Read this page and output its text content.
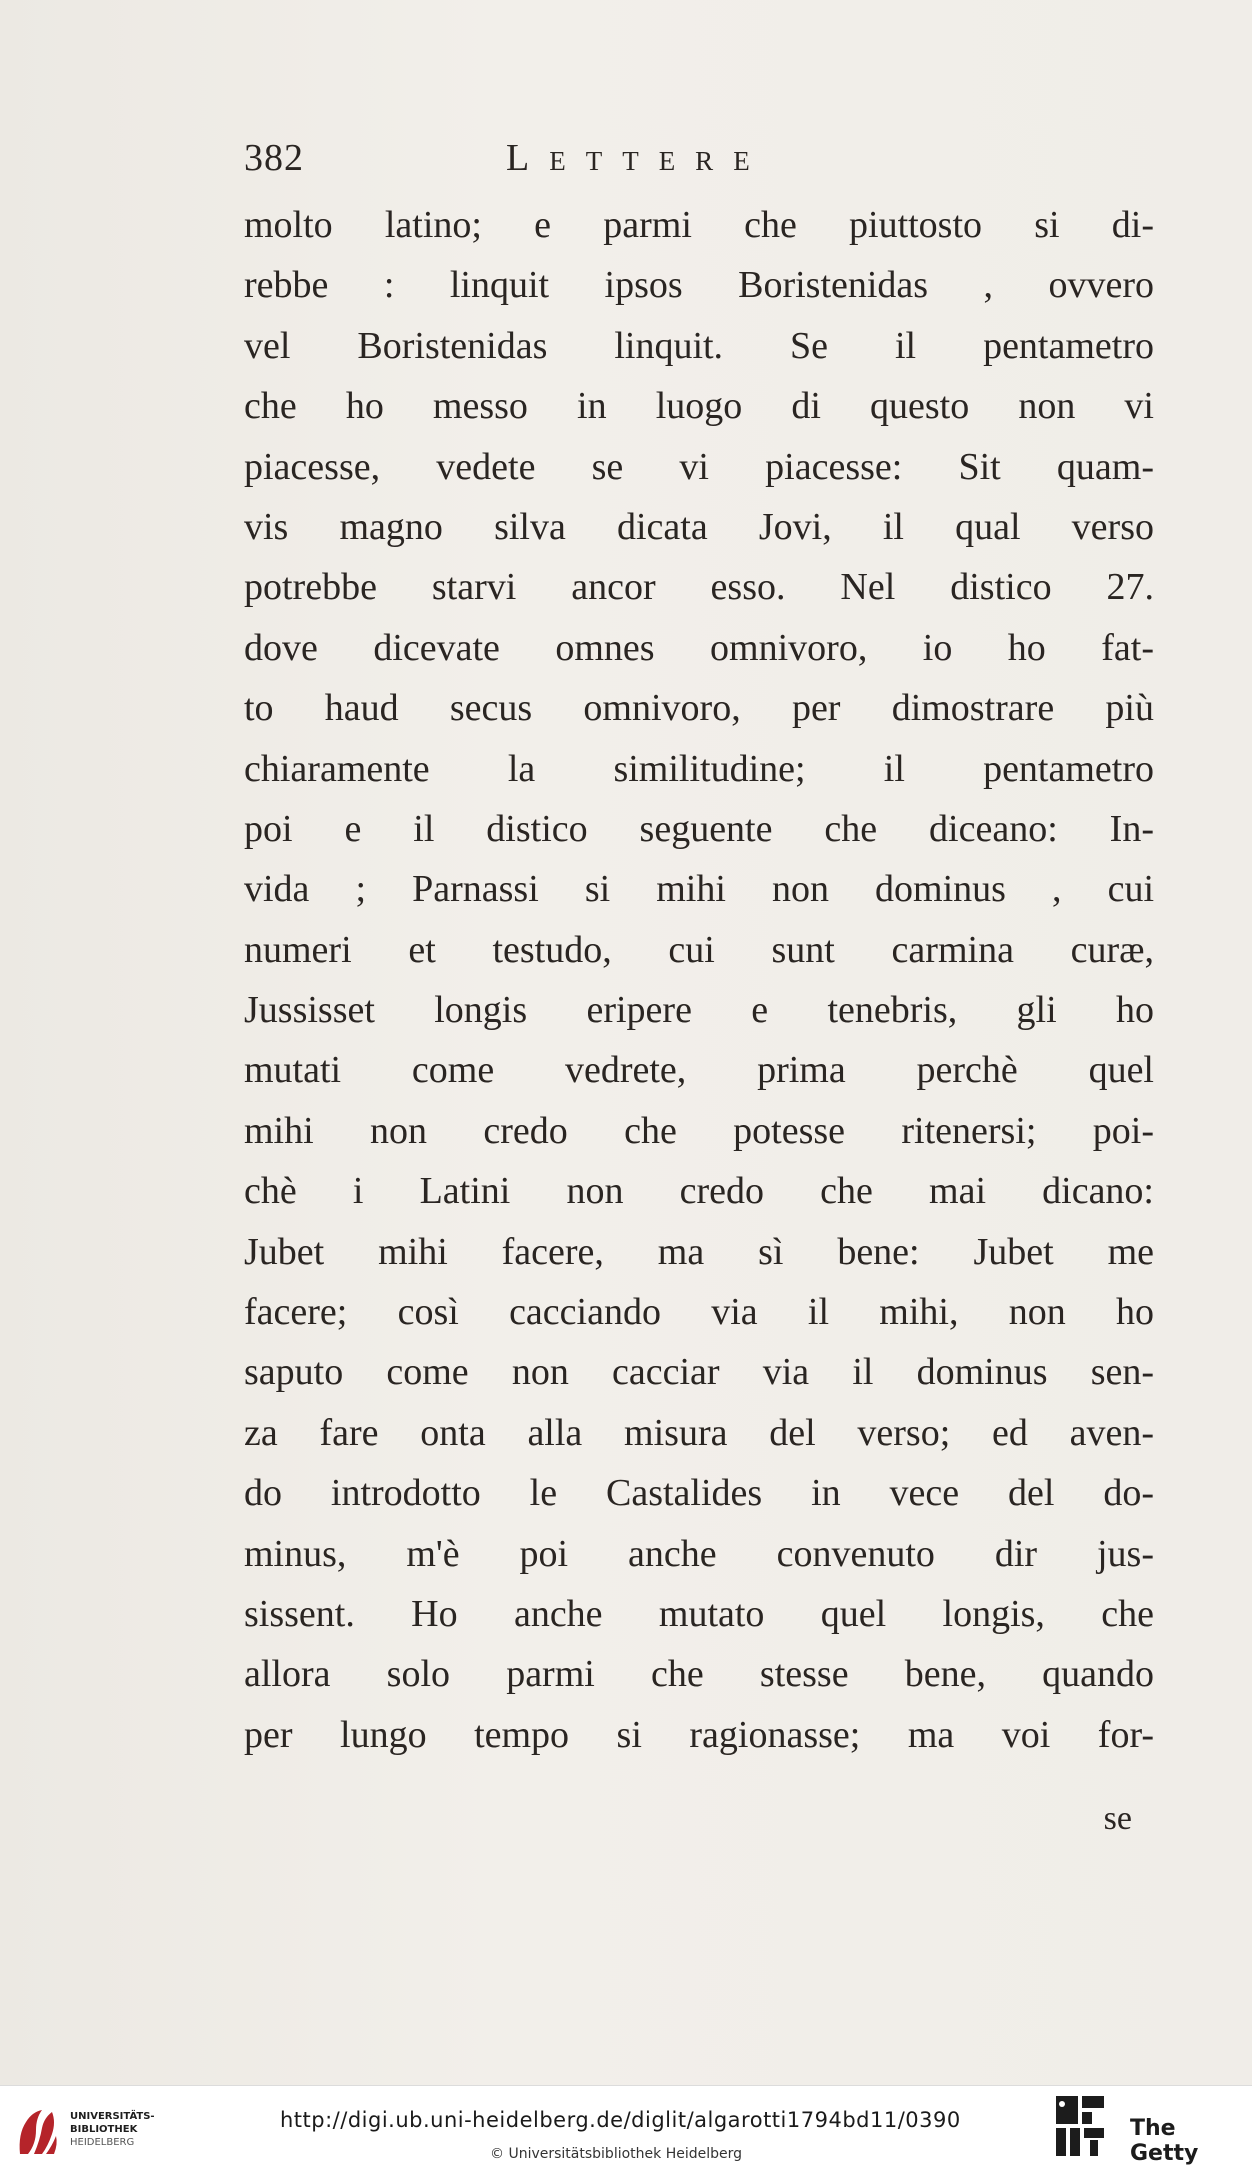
382	Lettere
molto latino; e parmi che piuttosto si di-
rebbe : linquit ipsos Boristenidas , ovvero
vel Boristenidas linquit. Se il pentametro
che ho messo in luogo di questo non vi
piacesse, vedete se vi piacesse: Sit quam-
vis magno silva dicata Jovi, il qual verso
potrebbe starvi ancor esso. Nel distico 27.
dove dicevate omnes omnivoro, io ho fat-
to haud secus omnivoro, per dimostrare più
chiaramente la similitudine; il pentametro
poi e il distico seguente che diceano: In-
vida ; Parnassi si mihi non dominus , cui
numeri et testudo, cui sunt carmina curæ,
Jussisset longis eripere e tenebris, gli ho
mutati come vedrete, prima perchè quel
mihi non credo che potesse ritenersi; poi-
chè i Latini non credo che mai dicano:
Jubet mihi facere, ma sì bene: Jubet me
facere; così cacciando via il mihi, non ho
saputo come non cacciar via il dominus sen-
za fare onta alla misura del verso; ed aven-
do introdotto le Castalides in vece del do-
minus, m'è poi anche convenuto dir jus-
sissent. Ho anche mutato quel longis, che
allora solo parmi che stesse bene, quando
per lungo tempo si ragionasse; ma voi for-
se
UNIVERSITÄTS-
BIBLIOTHEK
HEIDELBERG
http://digi.ub.uni-heidelberg.de/diglit/algarotti1794bd11/0390
© Universitätsbibliothek Heidelberg
The Getty
